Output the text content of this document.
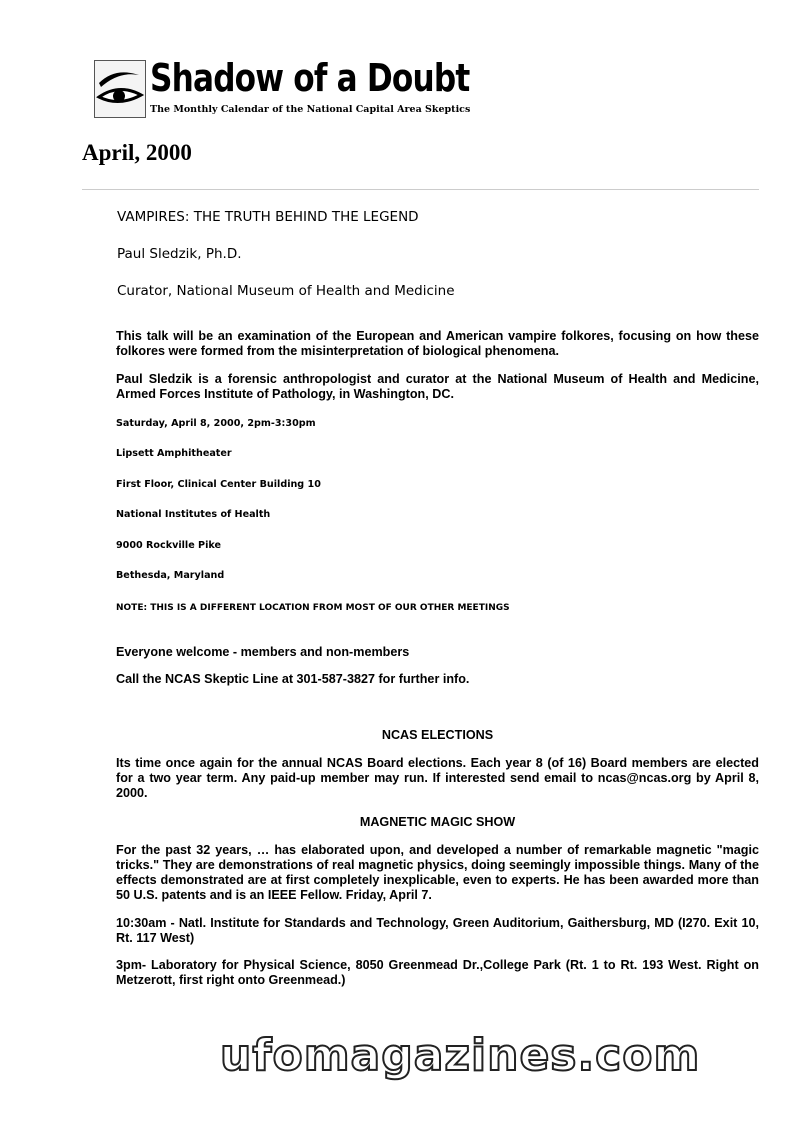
Shadow of a Doubt
The Monthly Calendar of the National Capital Area Skeptics
April, 2000
VAMPIRES: THE TRUTH BEHIND THE LEGEND
Paul Sledzik, Ph.D.
Curator, National Museum of Health and Medicine
This talk will be an examination of the European and American vampire folkores, focusing on how these folkores were formed from the misinterpretation of biological phenomena.
Paul Sledzik is a forensic anthropologist and curator at the National Museum of Health and Medicine, Armed Forces Institute of Pathology, in Washington, DC.
Saturday, April 8, 2000, 2pm-3:30pm
Lipsett Amphitheater
First Floor, Clinical Center Building 10
National Institutes of Health
9000 Rockville Pike
Bethesda, Maryland
NOTE: THIS IS A DIFFERENT LOCATION FROM MOST OF OUR OTHER MEETINGS
Everyone welcome - members and non-members
Call the NCAS Skeptic Line at 301-587-3827 for further info.
NCAS ELECTIONS
Its time once again for the annual NCAS Board elections. Each year 8 (of 16) Board members are elected for a two year term. Any paid-up member may run. If interested send email to ncas@ncas.org by April 8, 2000.
MAGNETIC MAGIC SHOW
For the past 32 years, … has elaborated upon, and developed a number of remarkable magnetic "magic tricks." They are demonstrations of real magnetic physics, doing seemingly impossible things. Many of the effects demonstrated are at first completely inexplicable, even to experts. He has been awarded more than 50 U.S. patents and is an IEEE Fellow. Friday, April 7.
10:30am - Natl. Institute for Standards and Technology, Green Auditorium, Gaithersburg, MD (I270. Exit 10, Rt. 117 West)
3pm- Laboratory for Physical Science, 8050 Greenmead Dr.,College Park (Rt. 1 to Rt. 193 West. Right on Metzerott, first right onto Greenmead.)
ufomagazines.com
